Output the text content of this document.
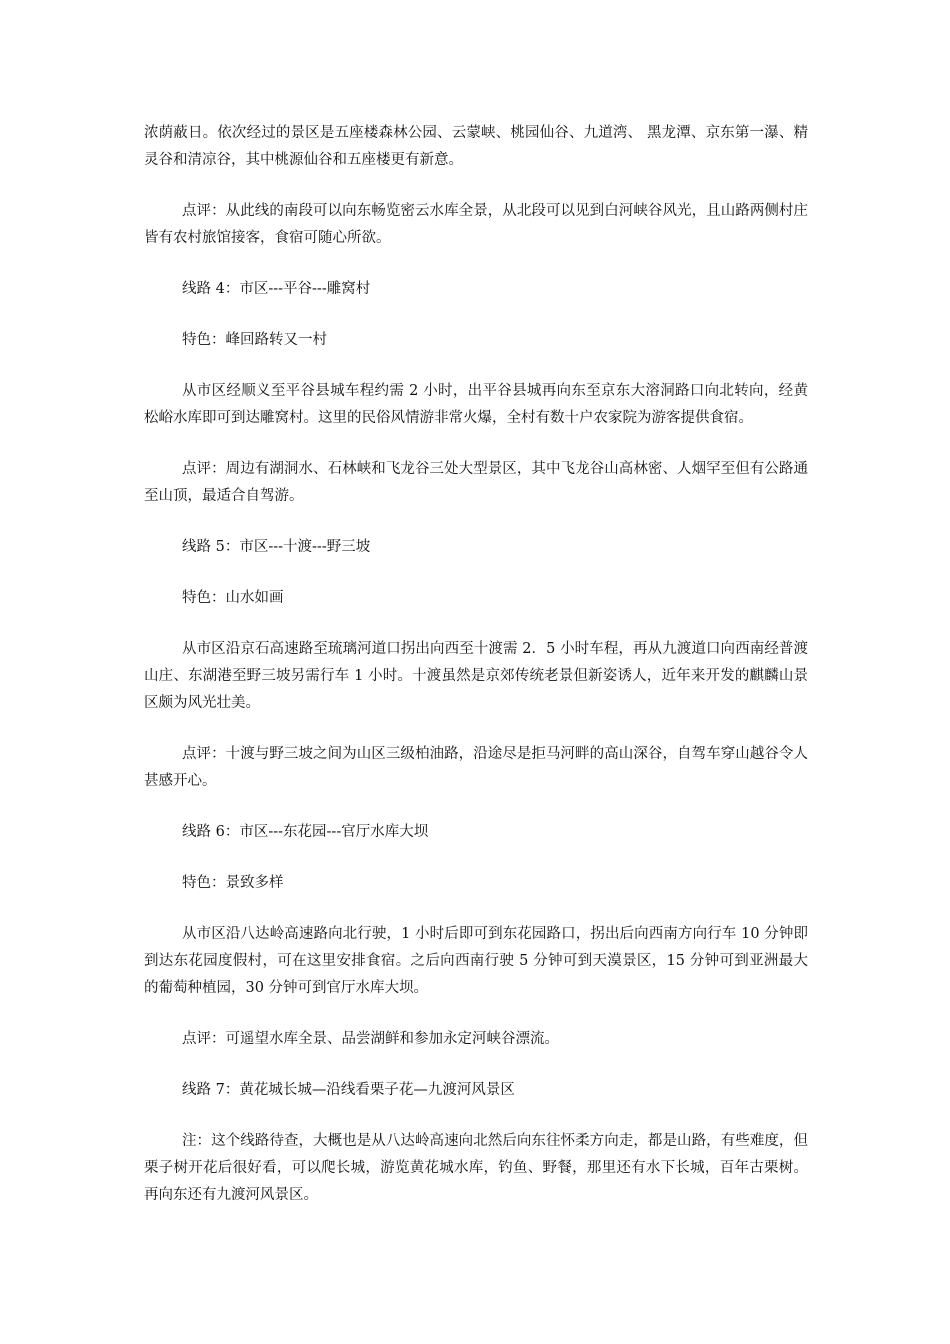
浓荫蔽日。依次经过的景区是五座楼森林公园、云蒙峡、桃园仙谷、九道湾、 黑龙潭、京东第一瀑、精灵谷和清凉谷，其中桃源仙谷和五座楼更有新意。

点评：从此线的南段可以向东畅览密云水库全景，从北段可以见到白河峡谷风光，且山路两侧村庄皆有农村旅馆接客，食宿可随心所欲。

线路 4：市区---平谷---雕窝村

特色：峰回路转又一村

从市区经顺义至平谷县城车程约需 2 小时，出平谷县城再向东至京东大溶洞路口向北转向，经黄松峪水库即可到达雕窝村。这里的民俗风情游非常火爆，全村有数十户农家院为游客提供食宿。

点评：周边有湖洞水、石林峡和飞龙谷三处大型景区，其中飞龙谷山高林密、人烟罕至但有公路通至山顶，最适合自驾游。

线路 5：市区---十渡---野三坡

特色：山水如画

从市区沿京石高速路至琉璃河道口拐出向西至十渡需 2．5 小时车程，再从九渡道口向西南经普渡山庄、东湖港至野三坡另需行车 1 小时。十渡虽然是京郊传统老景但新姿诱人，近年来开发的麒麟山景区颇为风光壮美。

点评：十渡与野三坡之间为山区三级柏油路，沿途尽是拒马河畔的高山深谷，自驾车穿山越谷令人甚感开心。

线路 6：市区---东花园---官厅水库大坝

特色：景致多样

从市区沿八达岭高速路向北行驶，1 小时后即可到东花园路口，拐出后向西南方向行车 10 分钟即到达东花园度假村，可在这里安排食宿。之后向西南行驶 5 分钟可到天漠景区，15 分钟可到亚洲最大的葡萄种植园，30 分钟可到官厅水库大坝。

点评：可遥望水库全景、品尝湖鲜和参加永定河峡谷漂流。

线路 7：黄花城长城—沿线看栗子花—九渡河风景区

注：这个线路待查，大概也是从八达岭高速向北然后向东往怀柔方向走，都是山路，有些难度，但栗子树开花后很好看，可以爬长城，游览黄花城水库，钓鱼、野餐，那里还有水下长城，百年古栗树。再向东还有九渡河风景区。
